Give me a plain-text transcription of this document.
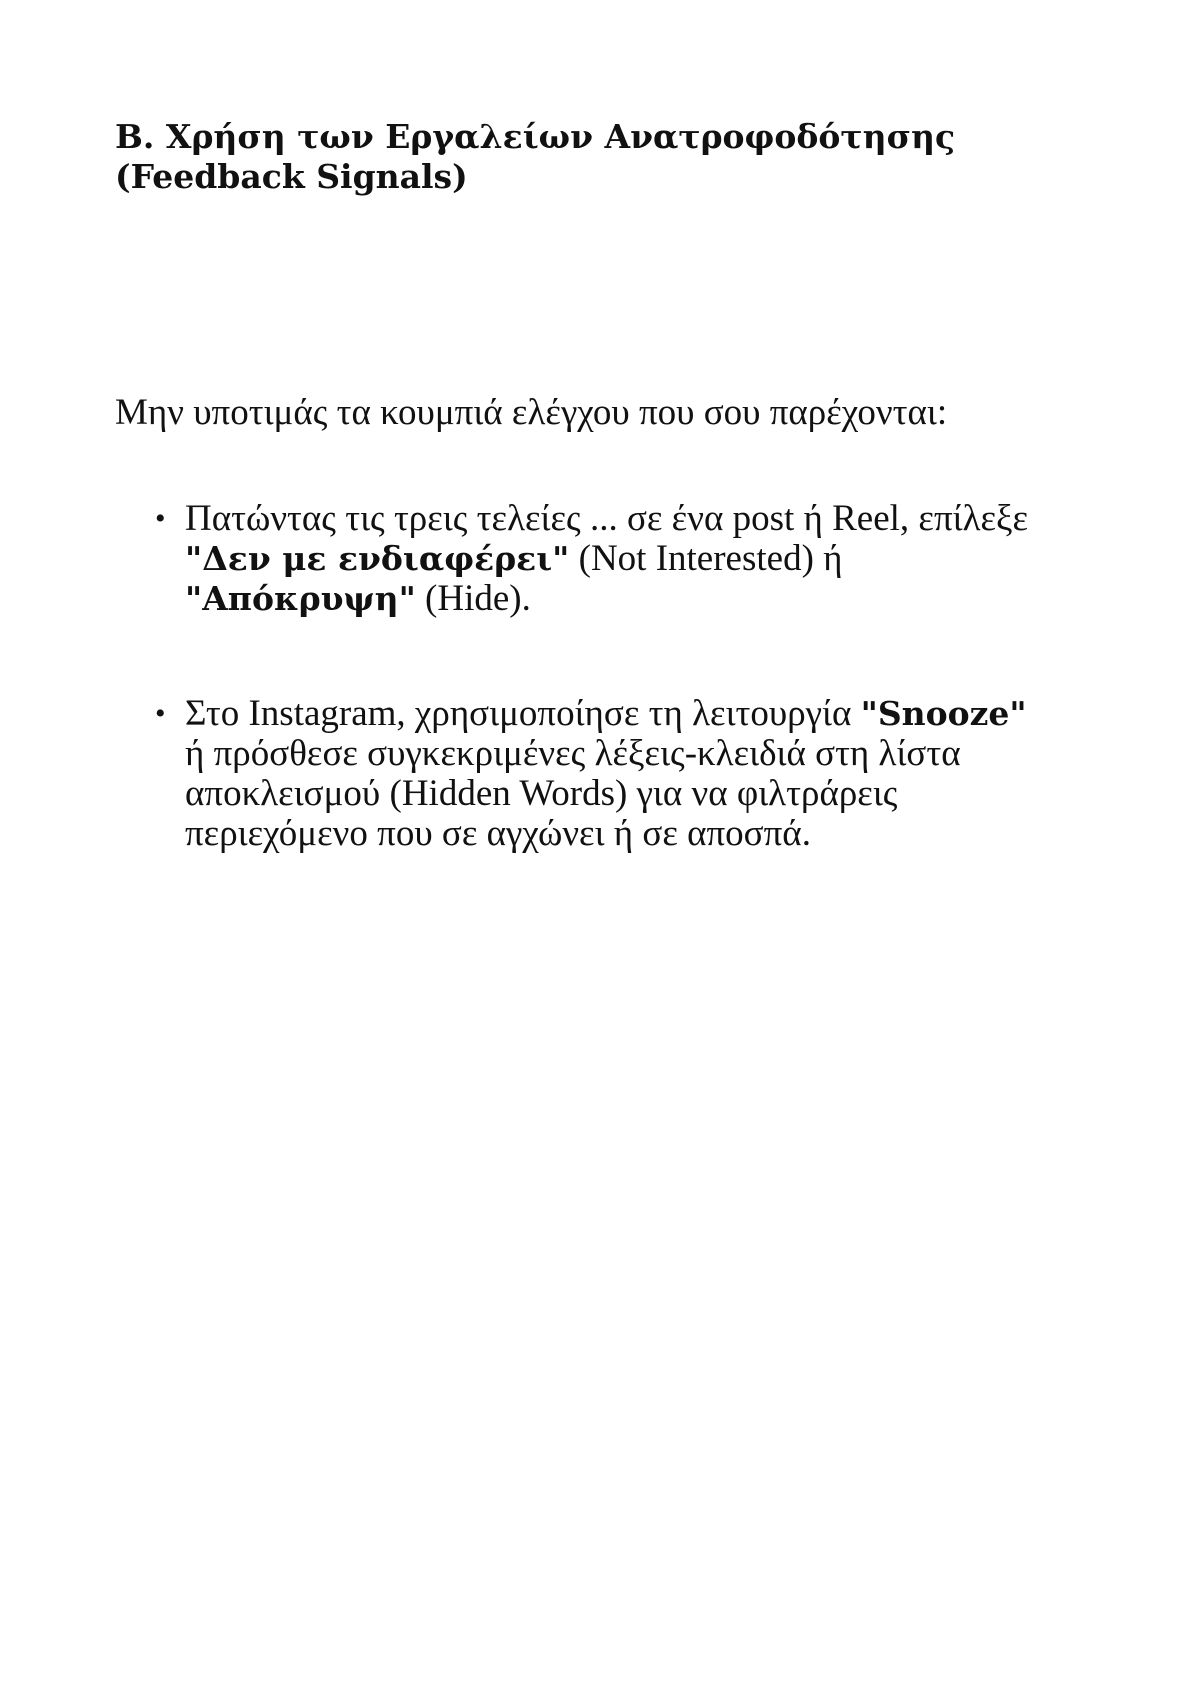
Β. Χρήση των Εργαλείων Ανατροφοδότησης
(Feedback Signals)

Μην υποτιμάς τα κουμπιά ελέγχου που σου παρέχονται:

• Πατώντας τις τρεις τελείες ... σε ένα post ή Reel, επίλεξε
"Δεν με ενδιαφέρει" (Not Interested) ή
"Απόκρυψη" (Hide).
• Στο Instagram, χρησιμοποίησε τη λειτουργία "Snooze"
ή πρόσθεσε συγκεκριμένες λέξεις-κλειδιά στη λίστα
αποκλεισμού (Hidden Words) για να φιλτράρεις
περιεχόμενο που σε αγχώνει ή σε αποσπά.
